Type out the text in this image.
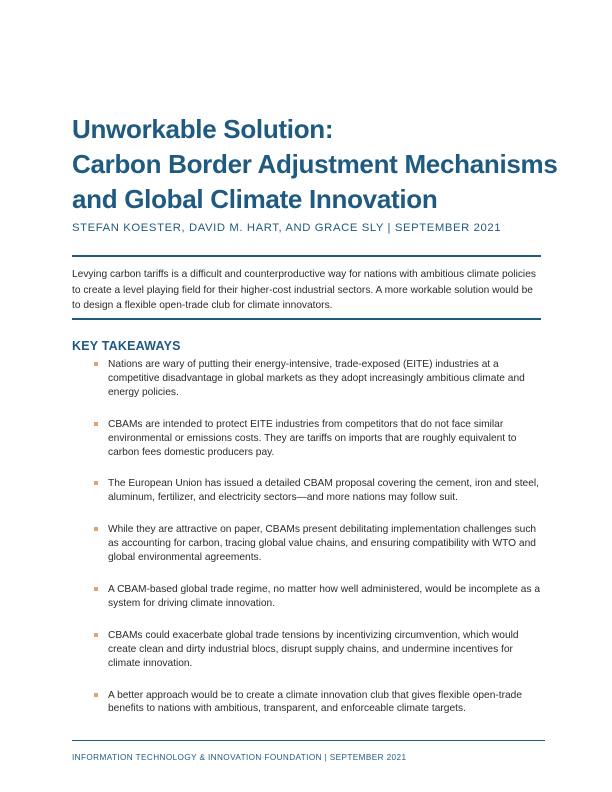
Unworkable Solution:
Carbon Border Adjustment Mechanisms
and Global Climate Innovation
STEFAN KOESTER, DAVID M. HART, AND GRACE SLY | SEPTEMBER 2021
Levying carbon tariffs is a difficult and counterproductive way for nations with ambitious climate policies to create a level playing field for their higher-cost industrial sectors. A more workable solution would be to design a flexible open-trade club for climate innovators.
KEY TAKEAWAYS
Nations are wary of putting their energy-intensive, trade-exposed (EITE) industries at a competitive disadvantage in global markets as they adopt increasingly ambitious climate and energy policies.
CBAMs are intended to protect EITE industries from competitors that do not face similar environmental or emissions costs. They are tariffs on imports that are roughly equivalent to carbon fees domestic producers pay.
The European Union has issued a detailed CBAM proposal covering the cement, iron and steel, aluminum, fertilizer, and electricity sectors—and more nations may follow suit.
While they are attractive on paper, CBAMs present debilitating implementation challenges such as accounting for carbon, tracing global value chains, and ensuring compatibility with WTO and global environmental agreements.
A CBAM-based global trade regime, no matter how well administered, would be incomplete as a system for driving climate innovation.
CBAMs could exacerbate global trade tensions by incentivizing circumvention, which would create clean and dirty industrial blocs, disrupt supply chains, and undermine incentives for climate innovation.
A better approach would be to create a climate innovation club that gives flexible open-trade benefits to nations with ambitious, transparent, and enforceable climate targets.
INFORMATION TECHNOLOGY & INNOVATION FOUNDATION | SEPTEMBER 2021
